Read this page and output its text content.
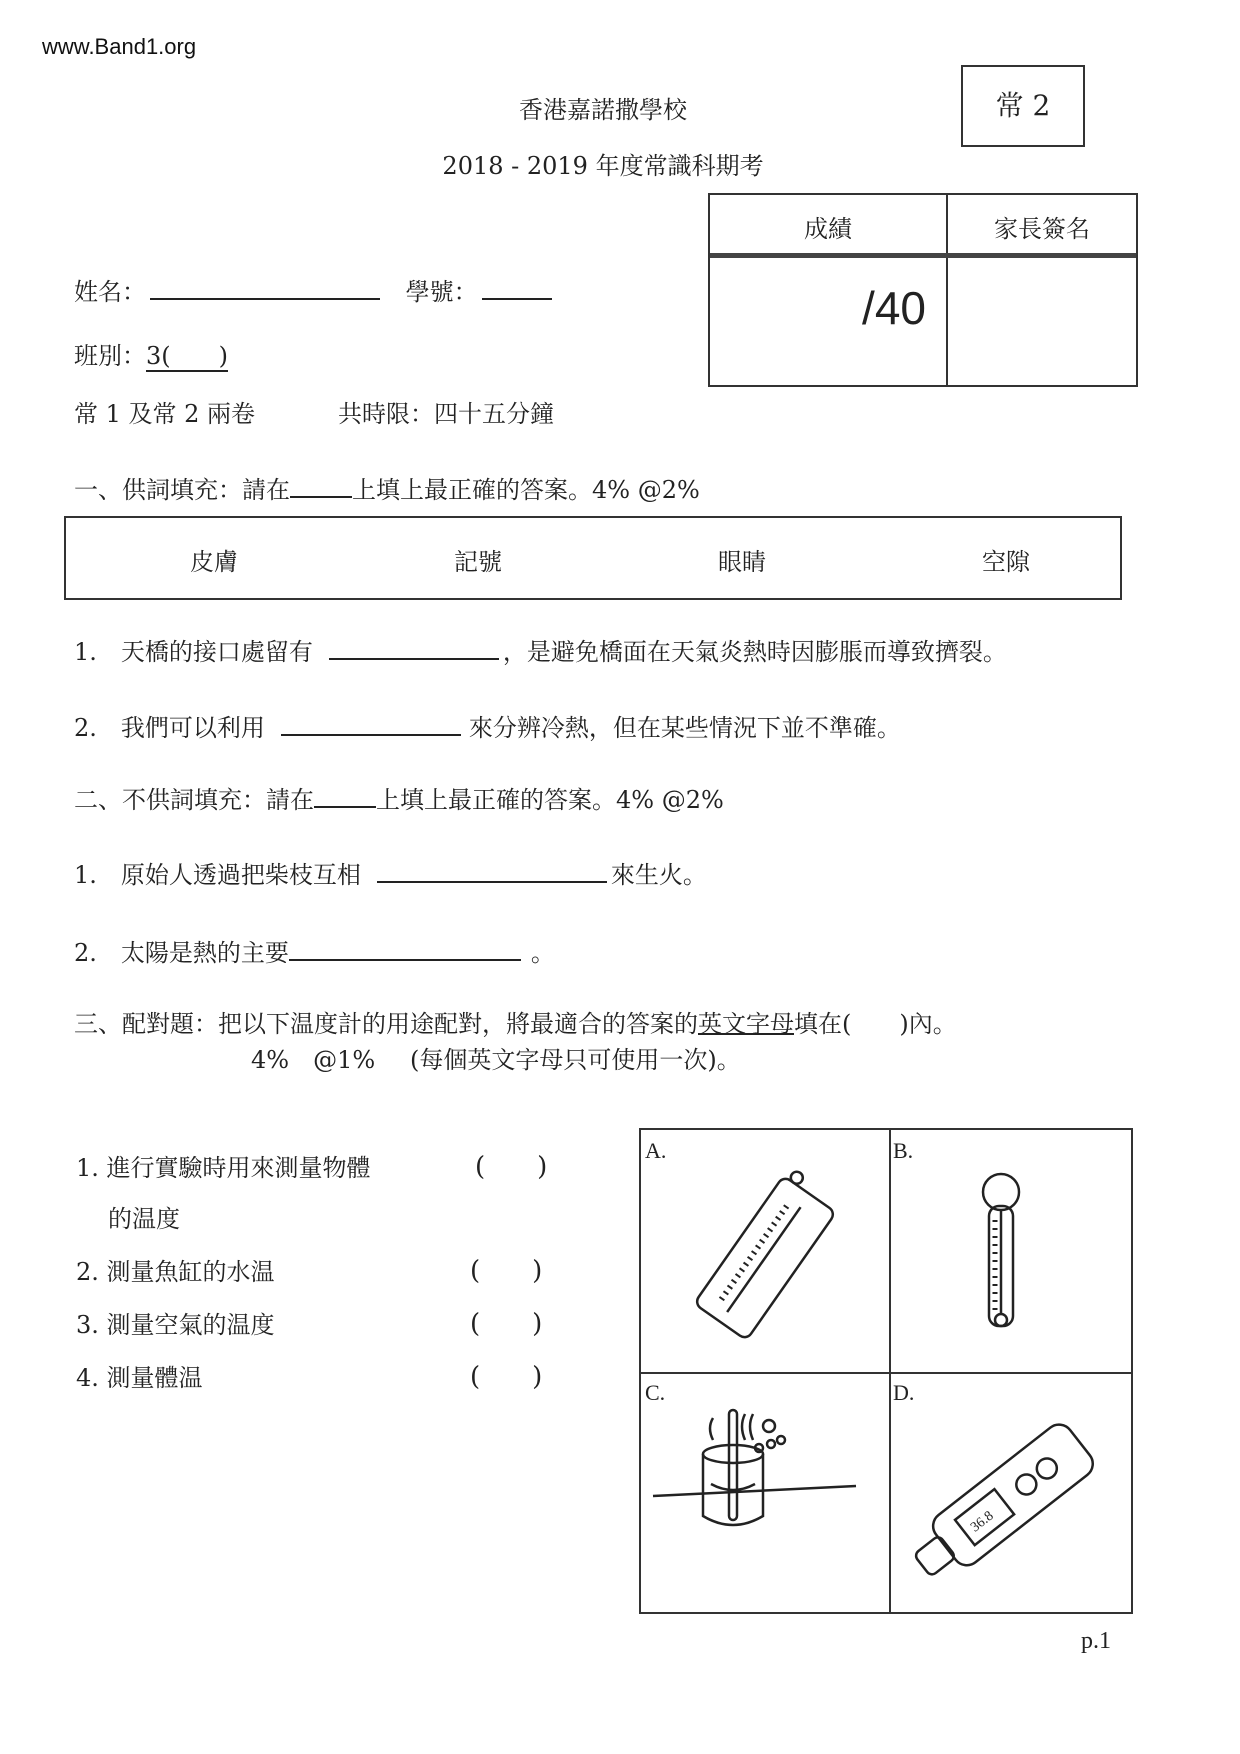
www.Band1.org
香港嘉諾撒學校
2018 - 2019 年度常識科期考
常 2
成績	家長簽名
/40
姓名：	學號：
班別：3(　　)
常 1 及常 2 兩卷	共時限：四十五分鐘
一、供詞填充：請在	上填上最正確的答案。4% @2%
皮膚	記號	眼睛	空隙
1.　天橋的接口處留有	，是避免橋面在天氣炎熱時因膨脹而導致擠裂。
2.　我們可以利用	來分辨冷熱，但在某些情況下並不準確。
二、不供詞填充：請在	上填上最正確的答案。4% @2%
1.　原始人透過把柴枝互相	來生火。
2.　太陽是熱的主要	。
三、配對題：把以下温度計的用途配對，將最適合的答案的英文字母填在(　　)內。
4%　@1% (每個英文字母只可使用一次)。
1. 進行實驗時用來測量物體	(　　)
的温度
2. 測量魚缸的水温	(　　)
3. 測量空氣的温度	(　　)
4. 測量體温	(　　)
A.	B.
C.	D.
36.8
p.1
